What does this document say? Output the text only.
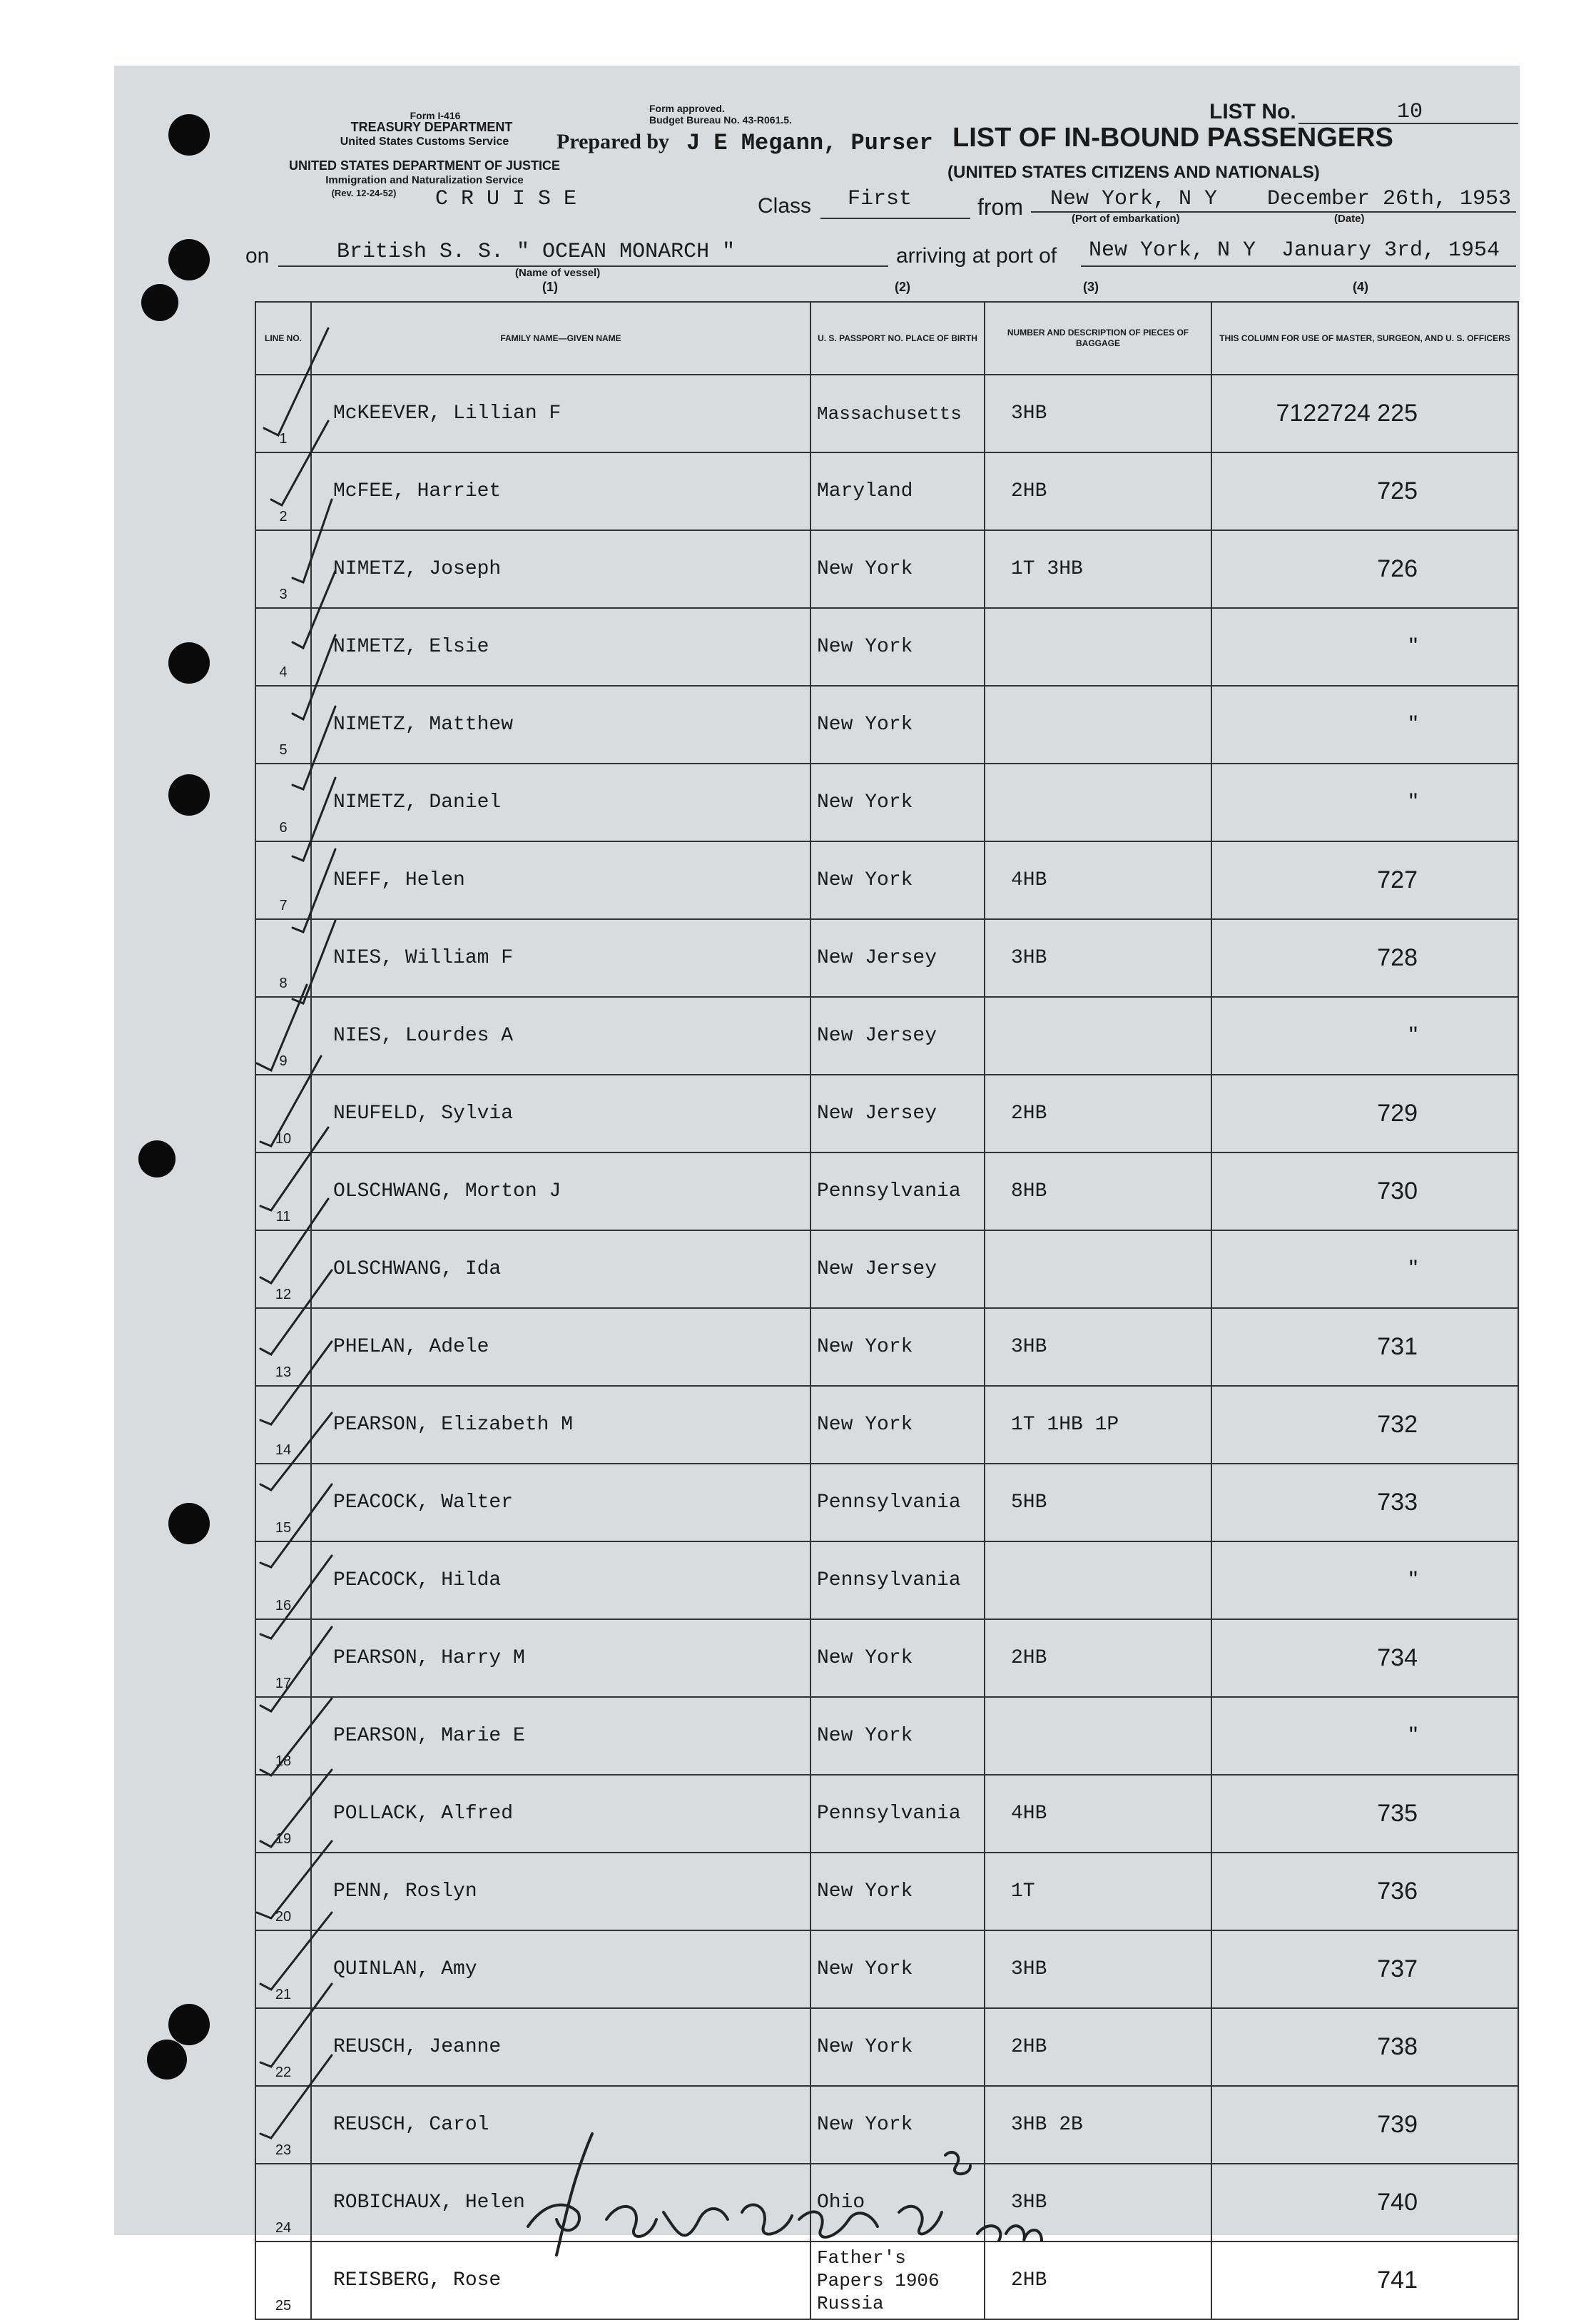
Form I-416
TREASURY DEPARTMENT
United States Customs Service
UNITED STATES DEPARTMENT OF JUSTICE
Immigration and Naturalization Service
(Rev. 12-24-52)	C R U I S E
Form approved.
Budget Bureau No. 43-R061.5.
Prepared by J E Megann, Purser
LIST No.	10
LIST OF IN-BOUND PASSENGERS
(UNITED STATES CITIZENS AND NATIONALS)
Class First	from New York, N Y
(Port of embarkation)
December 26th, 1953
(Date)
on	British S. S. " OCEAN MONARCH "
(Name of vessel)
(1)
arriving at port of New York, N Y January 3rd, 1954
(2)	(3)	(4)
LINE NO.	FAMILY NAME—GIVEN NAME	U. S. PASSPORT NO. PLACE OF BIRTH	NUMBER AND DESCRIPTION OF PIECES OF BAGGAGE	THIS COLUMN FOR USE OF MASTER, SURGEON, AND U. S. OFFICERS
1	McKEEVER, Lillian F	Massachusetts	3HB	7122724 225
2	McFEE, Harriet	Maryland	2HB	725
3	NIMETZ, Joseph	New York	1T 3HB	726
4	NIMETZ, Elsie	New York		"
5	NIMETZ, Matthew	New York		"
6	NIMETZ, Daniel	New York		"
7	NEFF, Helen	New York	4HB	727
8	NIES, William F	New Jersey	3HB	728
9	NIES, Lourdes A	New Jersey		"
10	NEUFELD, Sylvia	New Jersey	2HB	729
11	OLSCHWANG, Morton J	Pennsylvania	8HB	730
12	OLSCHWANG, Ida	New Jersey		"
13	PHELAN, Adele	New York	3HB	731
14	PEARSON, Elizabeth M	New York	1T 1HB 1P	732
15	PEACOCK, Walter	Pennsylvania	5HB	733
16	PEACOCK, Hilda	Pennsylvania		"
17	PEARSON, Harry M	New York	2HB	734
18	PEARSON, Marie E	New York		"
19	POLLACK, Alfred	Pennsylvania	4HB	735
20	PENN, Roslyn	New York	1T	736
21	QUINLAN, Amy	New York	3HB	737
22	REUSCH, Jeanne	New York	2HB	738
23	REUSCH, Carol	New York	3HB 2B	739
24	ROBICHAUX, Helen	Ohio	3HB	740
25	REISBERG, Rose	Father's Papers 1906 Russia	2HB	741
